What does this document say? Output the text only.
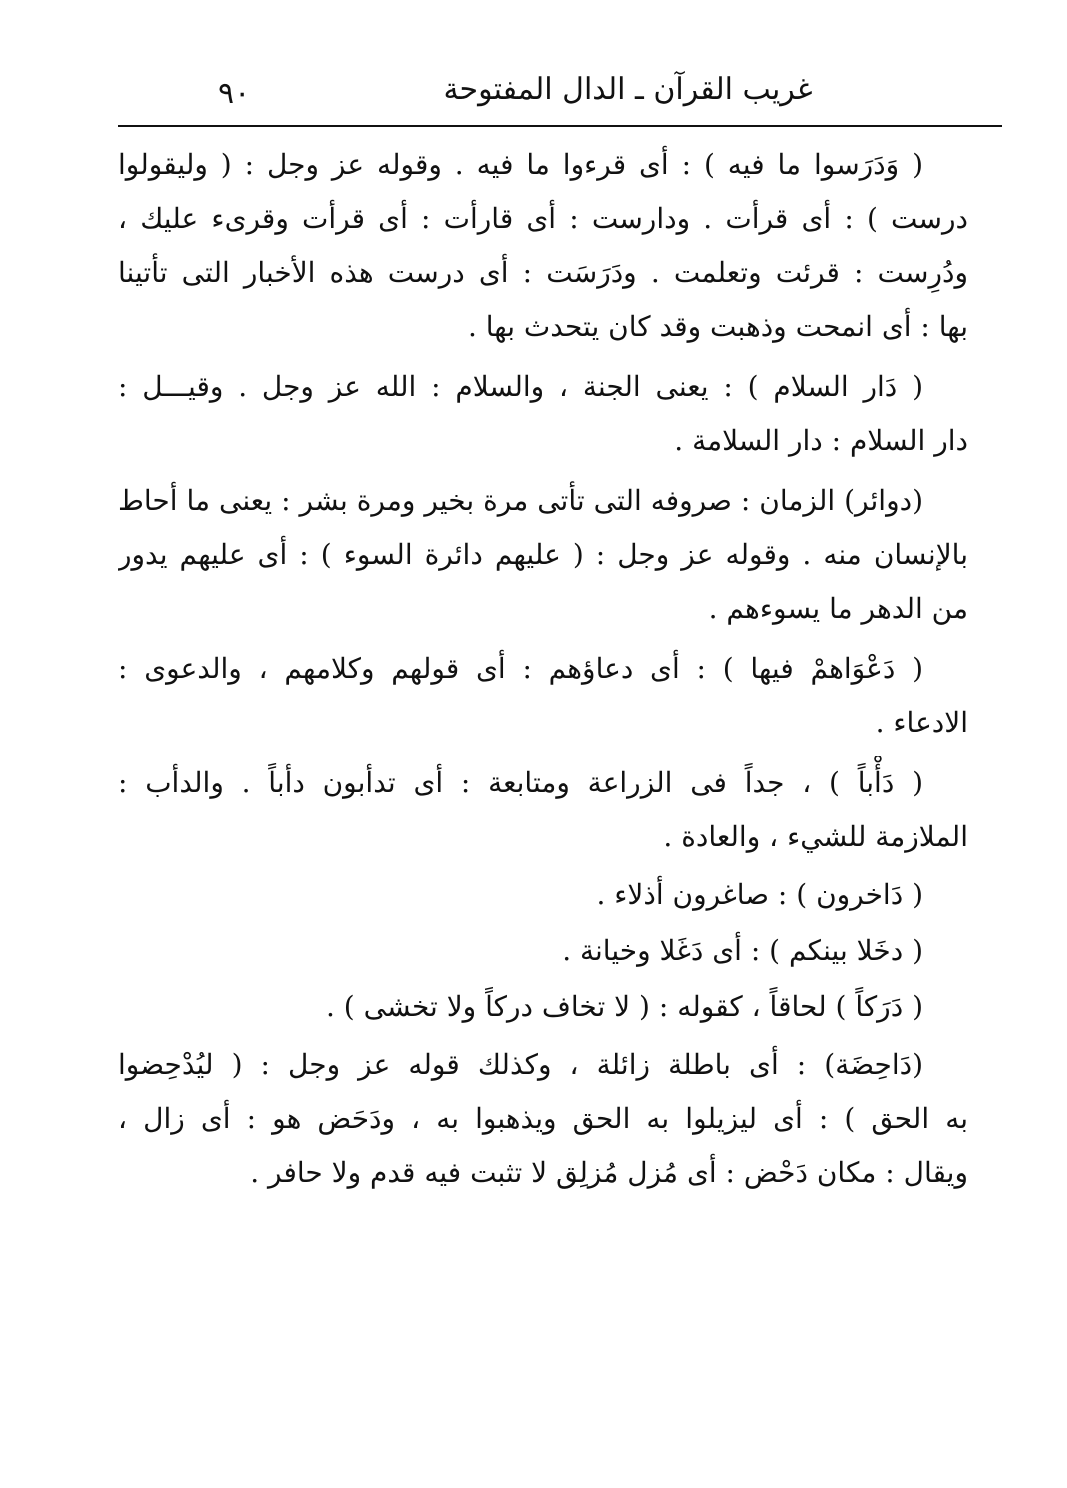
٩٠	غريب القرآن ـ الدال المفتوحة
( وَدَرَسوا ما فيه ) : أى قرءوا ما فيه . وقوله عز وجل : ( وليقولوا
درست ) : أى قرأت . ودارست : أى قارأت : أى قرأت وقرىء عليك ،
ودُرِست : قرئت وتعلمت . ودَرَسَت : أى درست هذه الأخبار التى تأتينا
بها : أى انمحت وذهبت وقد كان يتحدث بها .
( دَار السلام ) : يعنى الجنة ، والسلام : الله عز وجل . وقيـــل :
دار السلام : دار السلامة .
(دوائر) الزمان : صروفه التى تأتى مرة بخير ومرة بشر : يعنى ما أحاط
بالإنسان منه . وقوله عز وجل : ( عليهم دائرة السوء ) : أى عليهم يدور
من الدهر ما يسوءهم .
( دَعْوَاهمْ فيها ) : أى دعاؤهم : أى قولهم وكلامهم ، والدعوى :
الادعاء .
( دَأْباً ) ، جداً فى الزراعة ومتابعة : أى تدأبون دأباً . والدأب :
الملازمة للشيء ، والعادة .
( دَاخرون ) : صاغرون أذلاء .
( دخَلا بينكم ) : أى دَغَلا وخيانة .
( دَرَكاً ) لحاقاً ، كقوله : ( لا تخاف دركاً ولا تخشى ) .
(دَاحِضَة) : أى باطلة زائلة ، وكذلك قوله عز وجل : ( ليُدْحِضوا
به الحق ) : أى ليزيلوا به الحق ويذهبوا به ، ودَحَض هو : أى زال ،
ويقال : مكان دَحْض : أى مُزل مُزلِق لا تثبت فيه قدم ولا حافر .
